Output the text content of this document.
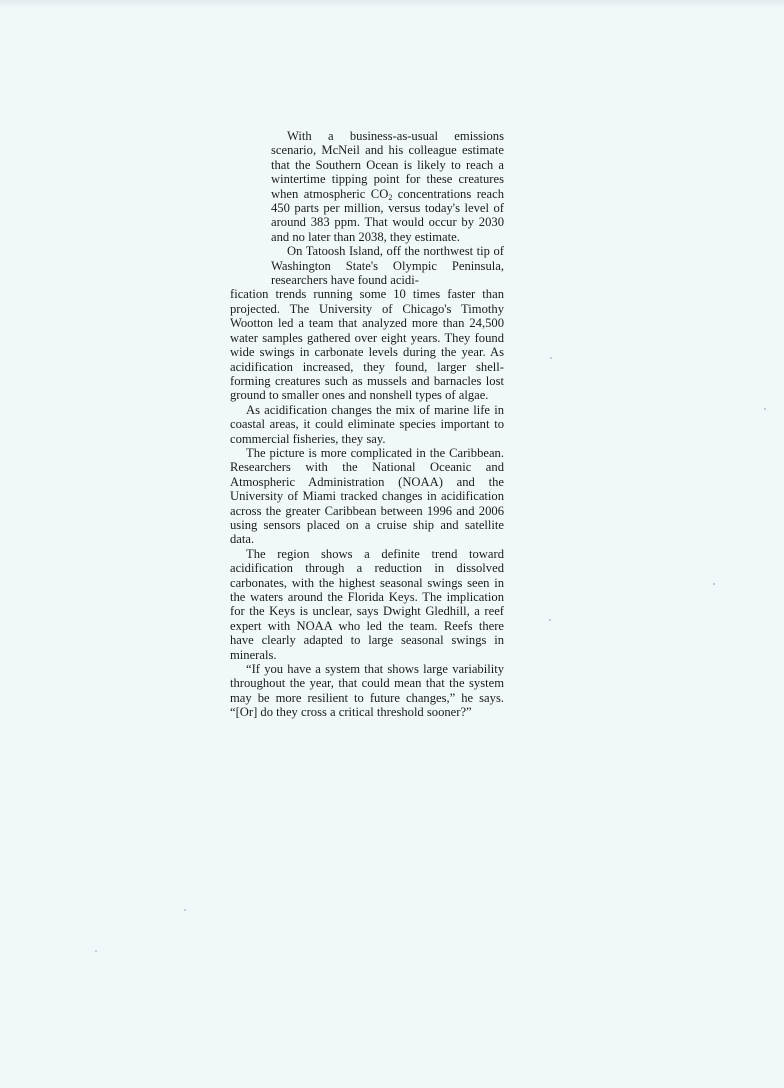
With a business-as-usual emissions scenario, McNeil and his colleague estimate that the Southern Ocean is likely to reach a wintertime tipping point for these creatures when atmospheric $CO_2$ concentrations reach 450 parts per million, versus today's level of around 383 ppm. That would occur by 2030 and no later than 2038, they estimate.

On Tatoosh Island, off the northwest tip of Washington State's Olympic Peninsula, researchers have found acidi-

fication trends running some 10 times faster than projected. The University of Chicago's Timothy Wootton led a team that analyzed more than 24,500 water samples gathered over eight years. They found wide swings in carbonate levels during the year. As acidification increased, they found, larger shell-forming creatures such as mussels and barnacles lost ground to smaller ones and nonshell types of algae.

As acidification changes the mix of marine life in coastal areas, it could eliminate species important to commercial fisheries, they say.

The picture is more complicated in the Caribbean. Researchers with the National Oceanic and Atmospheric Administration (NOAA) and the University of Miami tracked changes in acidification across the greater Caribbean between 1996 and 2006 using sensors placed on a cruise ship and satellite data.

The region shows a definite trend toward acidification through a reduction in dissolved carbonates, with the highest seasonal swings seen in the waters around the Florida Keys. The implication for the Keys is unclear, says Dwight Gledhill, a reef expert with NOAA who led the team. Reefs there have clearly adapted to large seasonal swings in minerals.

“If you have a system that shows large variability throughout the year, that could mean that the system may be more resilient to future changes,” he says. “[Or] do they cross a critical threshold sooner?”
